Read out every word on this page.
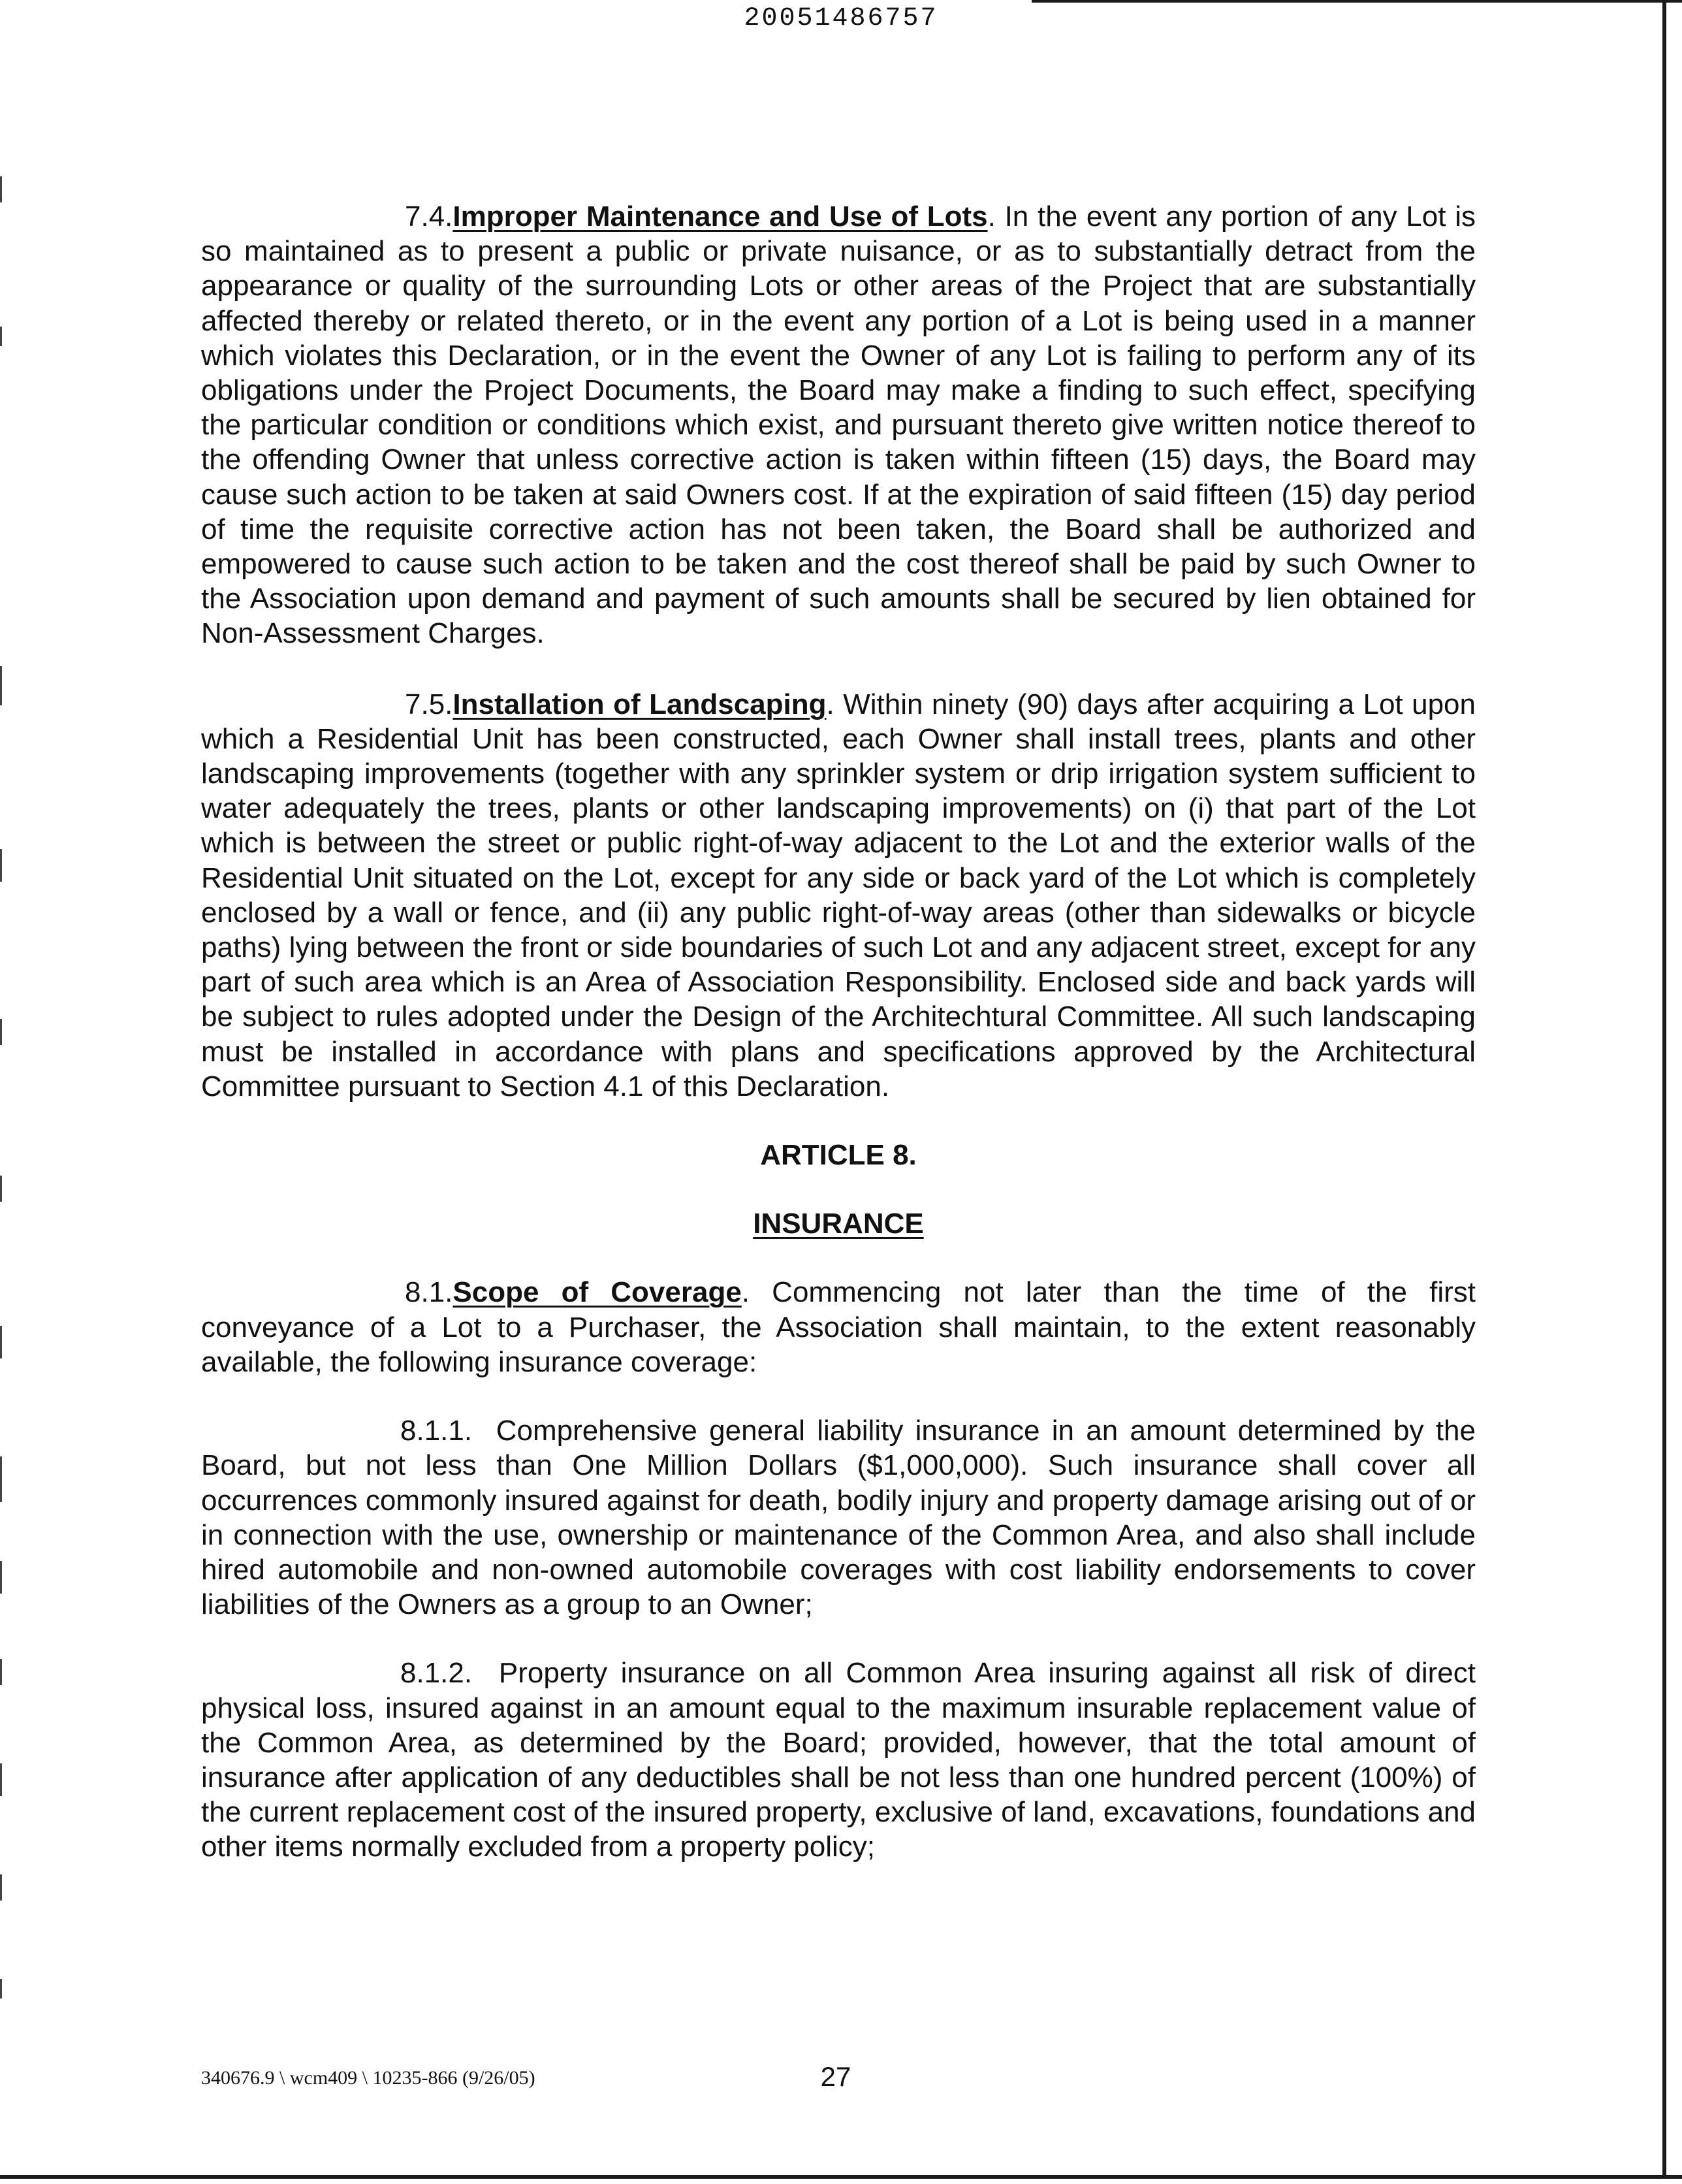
20051486757

7.4.Improper Maintenance and Use of Lots. In the event any portion of any Lot is so maintained as to present a public or private nuisance, or as to substantially detract from the appearance or quality of the surrounding Lots or other areas of the Project that are substantially affected thereby or related thereto, or in the event any portion of a Lot is being used in a manner which violates this Declaration, or in the event the Owner of any Lot is failing to perform any of its obligations under the Project Documents, the Board may make a finding to such effect, specifying the particular condition or conditions which exist, and pursuant thereto give written notice thereof to the offending Owner that unless corrective action is taken within fifteen (15) days, the Board may cause such action to be taken at said Owners cost. If at the expiration of said fifteen (15) day period of time the requisite corrective action has not been taken, the Board shall be authorized and empowered to cause such action to be taken and the cost thereof shall be paid by such Owner to the Association upon demand and payment of such amounts shall be secured by lien obtained for Non-Assessment Charges.

7.5.Installation of Landscaping. Within ninety (90) days after acquiring a Lot upon which a Residential Unit has been constructed, each Owner shall install trees, plants and other landscaping improvements (together with any sprinkler system or drip irrigation system sufficient to water adequately the trees, plants or other landscaping improvements) on (i) that part of the Lot which is between the street or public right-of-way adjacent to the Lot and the exterior walls of the Residential Unit situated on the Lot, except for any side or back yard of the Lot which is completely enclosed by a wall or fence, and (ii) any public right-of-way areas (other than sidewalks or bicycle paths) lying between the front or side boundaries of such Lot and any adjacent street, except for any part of such area which is an Area of Association Responsibility. Enclosed side and back yards will be subject to rules adopted under the Design of the Architechtural Committee. All such landscaping must be installed in accordance with plans and specifications approved by the Architectural Committee pursuant to Section 4.1 of this Declaration.

ARTICLE 8.

INSURANCE

8.1.Scope of Coverage. Commencing not later than the time of the first conveyance of a Lot to a Purchaser, the Association shall maintain, to the extent reasonably available, the following insurance coverage:

8.1.1. Comprehensive general liability insurance in an amount determined by the Board, but not less than One Million Dollars ($1,000,000). Such insurance shall cover all occurrences commonly insured against for death, bodily injury and property damage arising out of or in connection with the use, ownership or maintenance of the Common Area, and also shall include hired automobile and non-owned automobile coverages with cost liability endorsements to cover liabilities of the Owners as a group to an Owner;

8.1.2. Property insurance on all Common Area insuring against all risk of direct physical loss, insured against in an amount equal to the maximum insurable replacement value of the Common Area, as determined by the Board; provided, however, that the total amount of insurance after application of any deductibles shall be not less than one hundred percent (100%) of the current replacement cost of the insured property, exclusive of land, excavations, foundations and other items normally excluded from a property policy;

340676.9 \ wcm409 \ 10235-866 (9/26/05)	27
